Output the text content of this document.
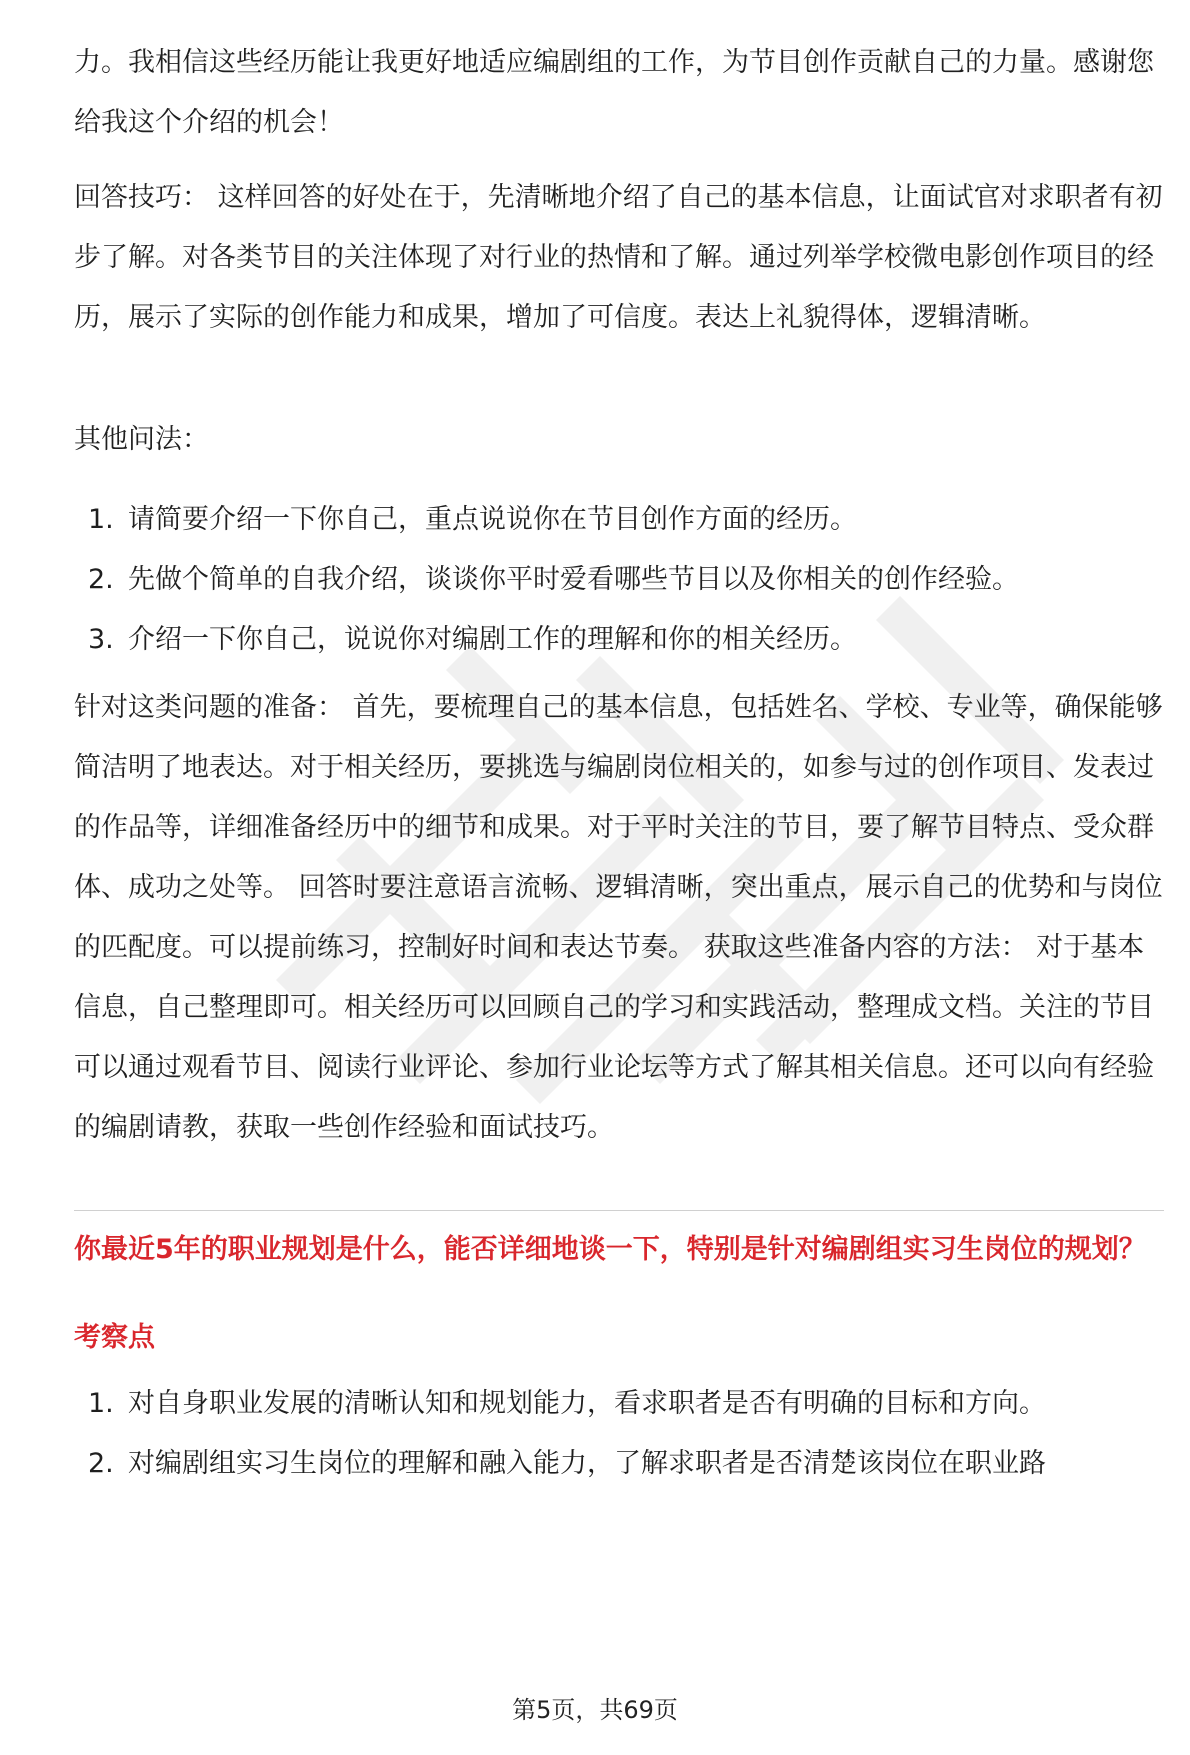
力。我相信这些经历能让我更好地适应编剧组的工作，为节目创作贡献自己的力量。感谢您给我这个介绍的机会！

回答技巧： 这样回答的好处在于，先清晰地介绍了自己的基本信息，让面试官对求职者有初步了解。对各类节目的关注体现了对行业的热情和了解。通过列举学校微电影创作项目的经历，展示了实际的创作能力和成果，增加了可信度。表达上礼貌得体，逻辑清晰。

其他问法：

1. 请简要介绍一下你自己，重点说说你在节目创作方面的经历。
2. 先做个简单的自我介绍，谈谈你平时爱看哪些节目以及你相关的创作经验。
3. 介绍一下你自己，说说你对编剧工作的理解和你的相关经历。

针对这类问题的准备： 首先，要梳理自己的基本信息，包括姓名、学校、专业等，确保能够简洁明了地表达。对于相关经历，要挑选与编剧岗位相关的，如参与过的创作项目、发表过的作品等，详细准备经历中的细节和成果。对于平时关注的节目，要了解节目特点、受众群体、成功之处等。 回答时要注意语言流畅、逻辑清晰，突出重点，展示自己的优势和与岗位的匹配度。可以提前练习，控制好时间和表达节奏。 获取这些准备内容的方法： 对于基本信息，自己整理即可。相关经历可以回顾自己的学习和实践活动，整理成文档。关注的节目可以通过观看节目、阅读行业评论、参加行业论坛等方式了解其相关信息。还可以向有经验的编剧请教，获取一些创作经验和面试技巧。

你最近5年的职业规划是什么，能否详细地谈一下，特别是针对编剧组实习生岗位的规划？
考察点
1. 对自身职业发展的清晰认知和规划能力，看求职者是否有明确的目标和方向。
2. 对编剧组实习生岗位的理解和融入能力，了解求职者是否清楚该岗位在职业路
第5页，共69页
